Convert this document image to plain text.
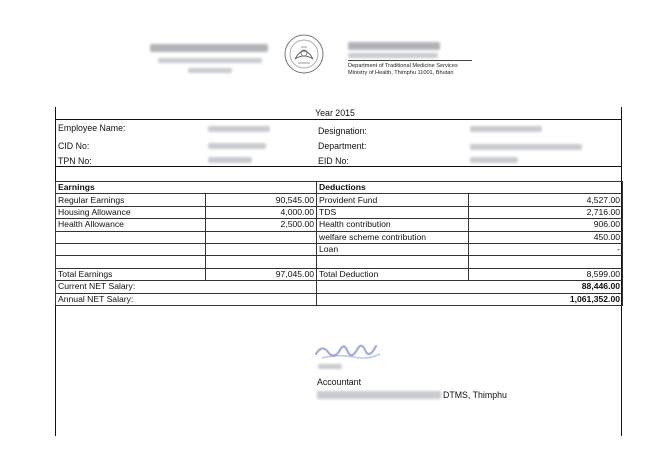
Department of Traditional Medicine Services
Ministry of Health, Thimphu 11001, Bhutan
Year 2015
Employee Name:
CID No:
TPN No:
Designation:
Department:
EID No:
Earnings		Deductions	
Regular Earnings	90,545.00	Provident Fund	4,527.00
Housing Allowance	4,000.00	TDS	2,716.00
Health Allowance	2,500.00	Health contribution	906.00
		welfare scheme contribution	450.00
		Loan	-

Total Earnings	97,045.00	Total Deduction	8,599.00
Current NET Salary:		88,446.00	
Annual NET Salary:		1,061,352.00	
Accountant
DTMS, Thimphu
